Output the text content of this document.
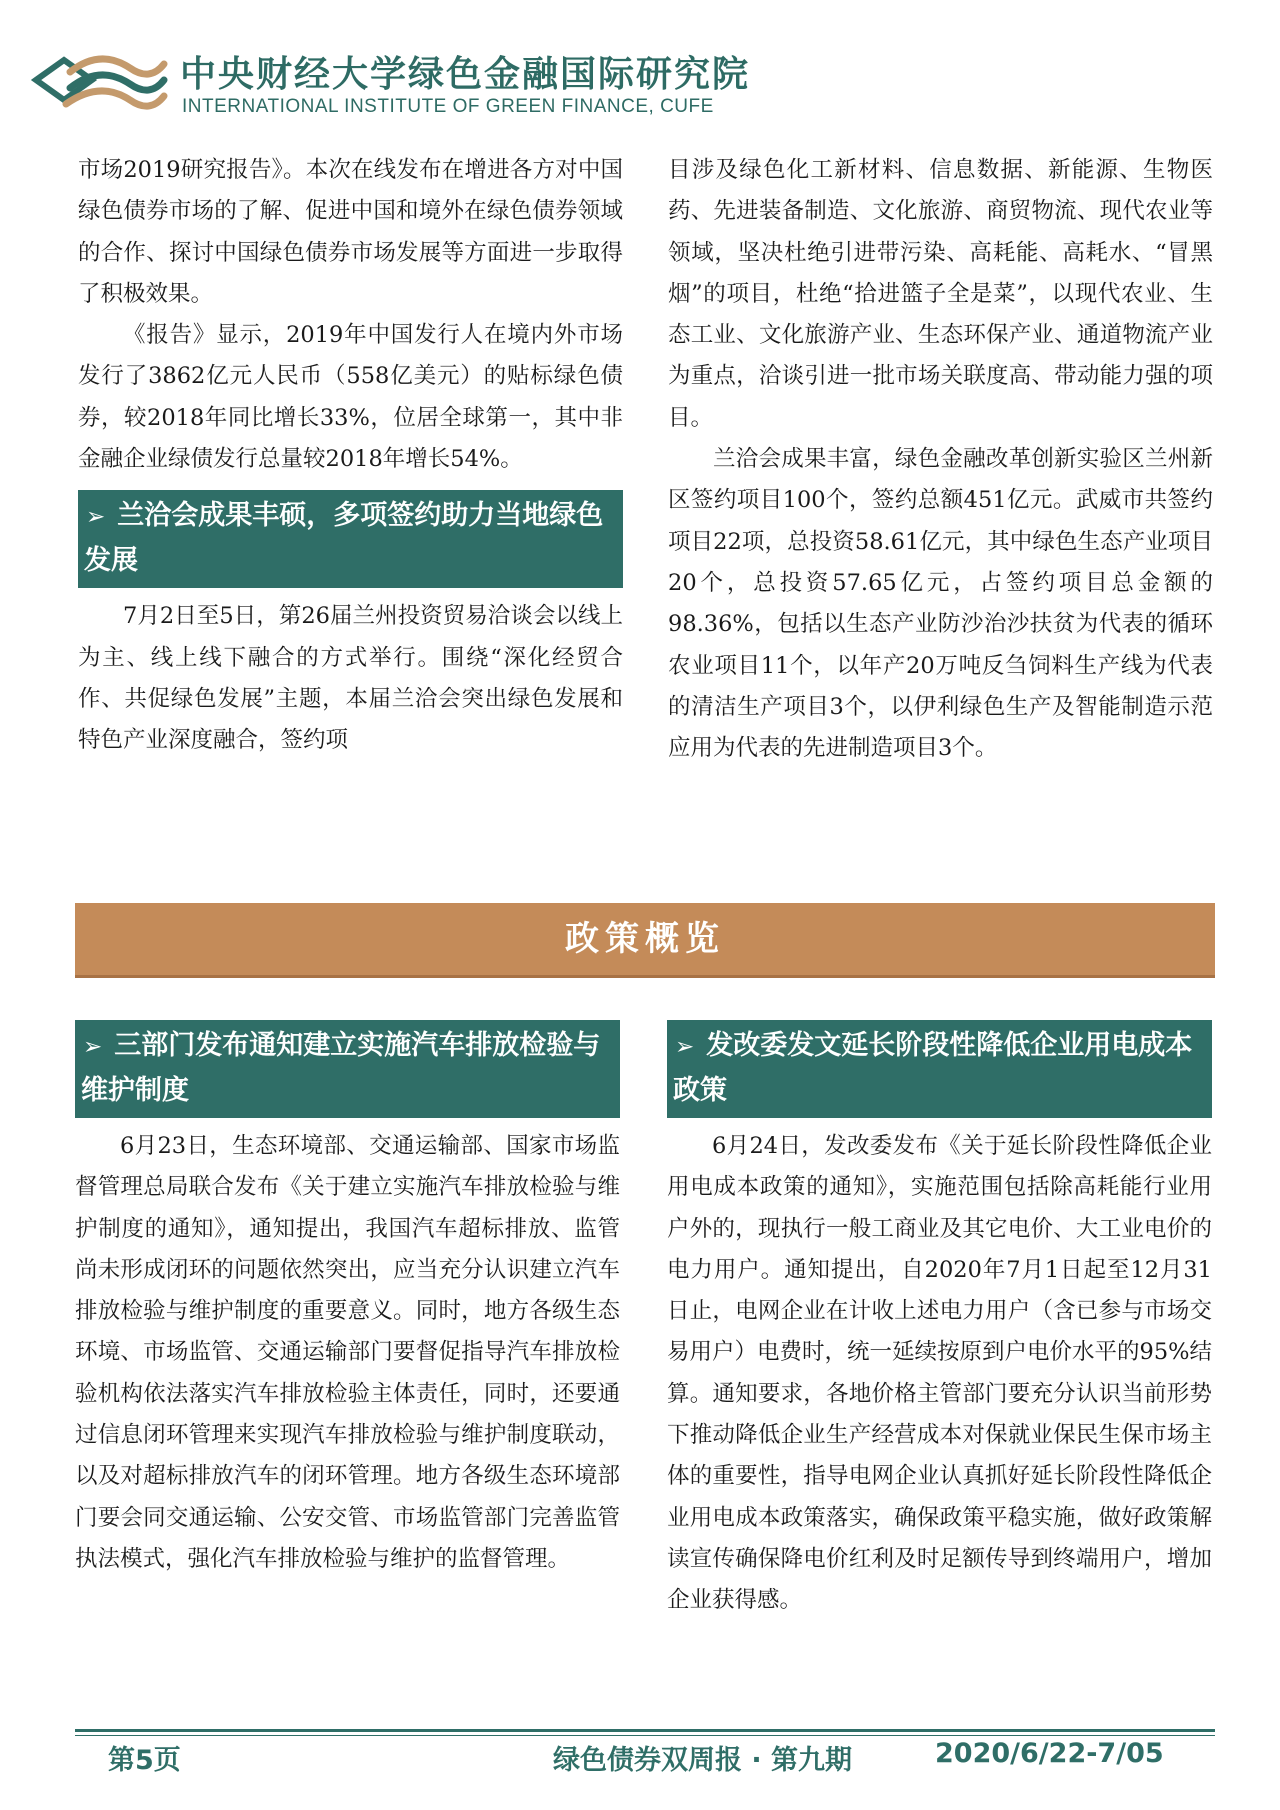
中央财经大学绿色金融国际研究院
INTERNATIONAL INSTITUTE OF GREEN FINANCE, CUFE

市场2019研究报告》。本次在线发布在增进各方对中国绿色债券市场的了解、促进中国和境外在绿色债券领域的合作、探讨中国绿色债券市场发展等方面进一步取得了积极效果。

《报告》显示，2019年中国发行人在境内外市场发行了3862亿元人民币（558亿美元）的贴标绿色债券，较2018年同比增长33%，位居全球第一，其中非金融企业绿债发行总量较2018年增长54%。

➢ 兰洽会成果丰硕，多项签约助力当地绿色发展

7月2日至5日，第26届兰州投资贸易洽谈会以线上为主、线上线下融合的方式举行。围绕“深化经贸合作、共促绿色发展”主题，本届兰洽会突出绿色发展和特色产业深度融合，签约项

目涉及绿色化工新材料、信息数据、新能源、生物医药、先进装备制造、文化旅游、商贸物流、现代农业等领域，坚决杜绝引进带污染、高耗能、高耗水、“冒黑烟”的项目，杜绝“拾进篮子全是菜”，以现代农业、生态工业、文化旅游产业、生态环保产业、通道物流产业为重点，洽谈引进一批市场关联度高、带动能力强的项目。

兰洽会成果丰富，绿色金融改革创新实验区兰州新区签约项目100个，签约总额451亿元。武威市共签约项目22项，总投资58.61亿元，其中绿色生态产业项目20个，总投资57.65亿元，占签约项目总金额的98.36%，包括以生态产业防沙治沙扶贫为代表的循环农业项目11个，以年产20万吨反刍饲料生产线为代表的清洁生产项目3个，以伊利绿色生产及智能制造示范应用为代表的先进制造项目3个。

政策概览
➢ 三部门发布通知建立实施汽车排放检验与维护制度

6月23日，生态环境部、交通运输部、国家市场监督管理总局联合发布《关于建立实施汽车排放检验与维护制度的通知》，通知提出，我国汽车超标排放、监管尚未形成闭环的问题依然突出，应当充分认识建立汽车排放检验与维护制度的重要意义。同时，地方各级生态环境、市场监管、交通运输部门要督促指导汽车排放检验机构依法落实汽车排放检验主体责任，同时，还要通过信息闭环管理来实现汽车排放检验与维护制度联动，以及对超标排放汽车的闭环管理。地方各级生态环境部门要会同交通运输、公安交管、市场监管部门完善监管执法模式，强化汽车排放检验与维护的监督管理。

➢ 发改委发文延长阶段性降低企业用电成本政策

6月24日，发改委发布《关于延长阶段性降低企业用电成本政策的通知》，实施范围包括除高耗能行业用户外的，现执行一般工商业及其它电价、大工业电价的电力用户。通知提出，自2020年7月1日起至12月31日止，电网企业在计收上述电力用户（含已参与市场交易用户）电费时，统一延续按原到户电价水平的95%结算。通知要求，各地价格主管部门要充分认识当前形势下推动降低企业生产经营成本对保就业保民生保市场主体的重要性，指导电网企业认真抓好延长阶段性降低企业用电成本政策落实，确保政策平稳实施，做好政策解读宣传确保降电价红利及时足额传导到终端用户，增加企业获得感。

第5页	绿色债券双周报 · 第九期	2020/6/22-7/05
